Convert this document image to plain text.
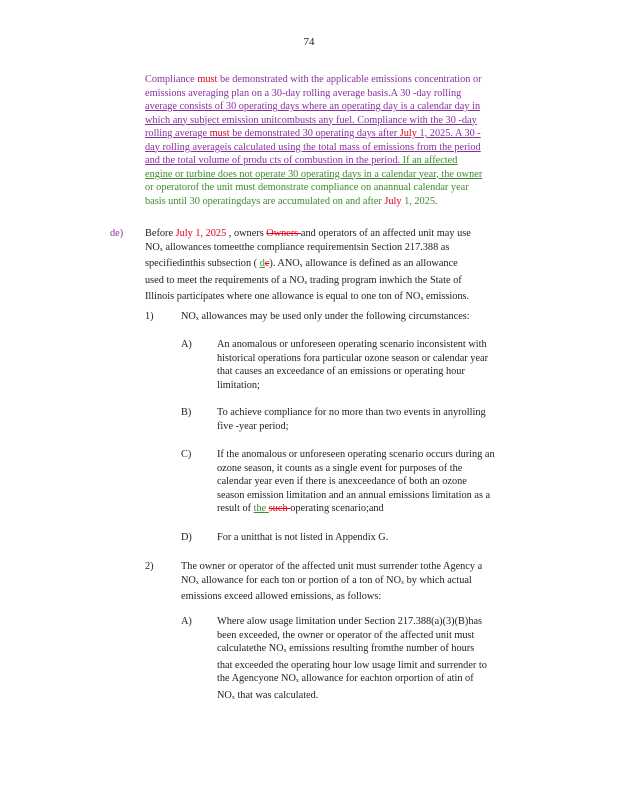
74
Compliance must be demonstrated with the applicable emissions concentration or
emissions averaging plan on a 30-day rolling average basis.A 30 -day rolling
average consists of 30 operating days where an operating day is a calendar day in
which any subject emission unitcombusts any fuel. Compliance with the 30 -day
rolling average must be demonstrated 30 operating days after July 1, 2025. A 30 -
day rolling averageis calculated using the total mass of emissions from the period
and the total volume of produ cts of combustion in the period. If an affected
engine or turbine does not operate 30 operating days in a calendar year, the owner
or operatorof the unit must demonstrate compliance on anannual calendar year
basis until 30 operatingdays are accumulated on and after July 1, 2025.
de) Before July 1, 2025 , owners Owners and operators of an affected unit may use
NOx allowances tomeetthe compliance requirementsin Section 217.388 as
specifiedinthis subsection ( dc). ANOx allowance is defined as an allowance
used to meet the requirements of a NOx trading program inwhich the State of
Illinois participates where one allowance is equal to one ton of NOx emissions.
1)	NOx allowances may be used only under the following circumstances:
A) An anomalous or unforeseen operating scenario inconsistent with
historical operations fora particular ozone season or calendar year
that causes an exceedance of an emissions or operating hour
limitation;
B) To achieve compliance for no more than two events in anyrolling
five -year period;
C) If the anomalous or unforeseen operating scenario occurs during an
ozone season, it counts as a single event for purposes of the
calendar year even if there is anexceedance of both an ozone
season emission limitation and an annual emissions limitation as a
result of the such operating scenario;and
D) For a unitthat is not listed in Appendix G.
2)	The owner or operator of the affected unit must surrender tothe Agency a
NOx allowance for each ton or portion of a ton of NOx by which actual
emissions exceed allowed emissions, as follows:
A) Where alow usage limitation under Section 217.388(a)(3)(B)has
been exceeded, the owner or operator of the affected unit must
calculatethe NOx emissions resulting fromthe number of hours
that exceeded the operating hour low usage limit and surrender to
the Agencyone NOx allowance for eachton orportion of atin of
NOx that was calculated.
